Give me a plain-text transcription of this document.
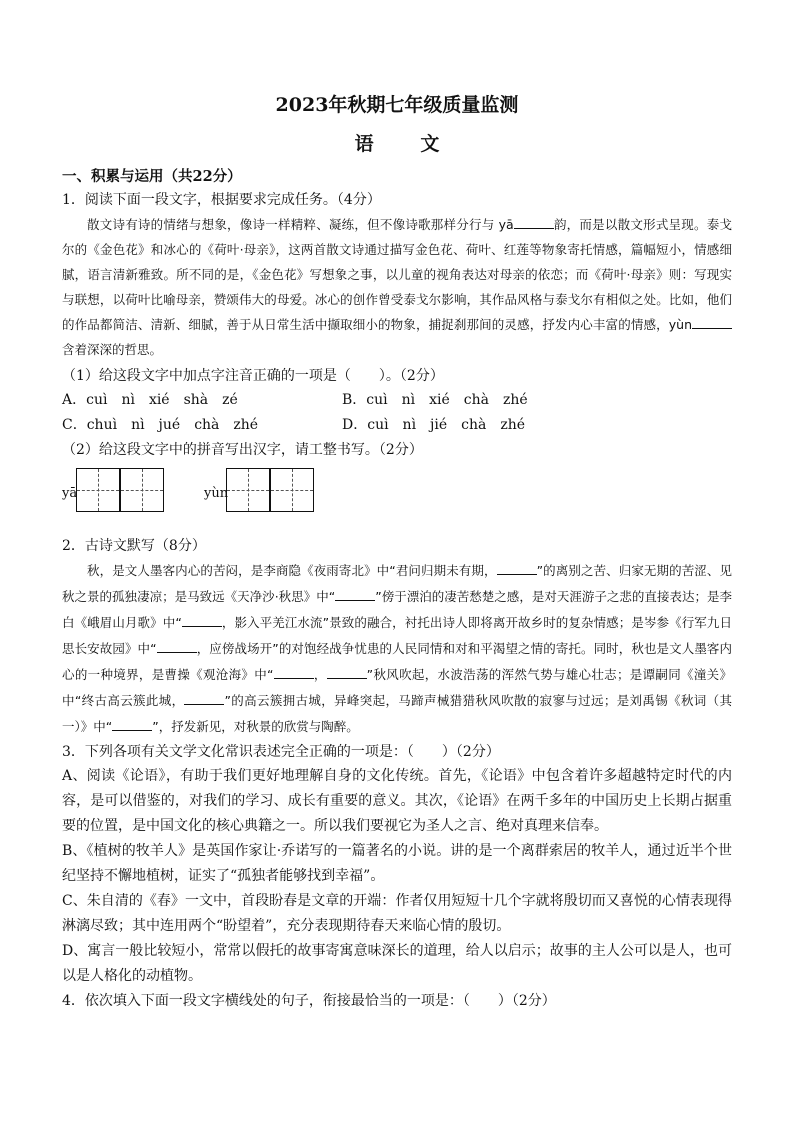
2023年秋期七年级质量监测
语 文
一、积累与运用（共22分）
1．阅读下面一段文字，根据要求完成任务。（4分）

散文诗有诗的情绪与想象，像诗一样精粹、凝练，但不像诗歌那样分行与 yā	韵，而是以散文形式呈现。泰戈尔的《金色花》和冰心的《荷叶·母亲》，这两首散文诗通过描写金色花、荷叶、红莲等物象寄托情感，篇幅短小，情感细腻，语言清新雅致。所不同的是，《金色花》写想象之事，以儿童的视角表达对母亲的依恋；而《荷叶·母亲》则：写现实与联想，以荷叶比喻母亲，赞颂伟大的母爱。冰心的创作曾受泰戈尔影响，其作品风格与泰戈尔有相似之处。比如，他们的作品都简洁、清新、细腻，善于从日常生活中撷取细小的物象，捕捉刹那间的灵感，抒发内心丰富的情感，yùn含着深深的哲思。

（1）给这段文字中加点字注音正确的一项是（　　）。（2分）
A．cuì　nì　xié　shà　zé	B．cuì　nì　xié　chà　zhé
C．chuì　nì　jué　chà　zhé	D．cuì　nì　jié　chà　zhé
（2）给这段文字中的拼音写出汉字，请工整书写。（2分）
yā	yùn
2．古诗文默写（8分）

秋，是文人墨客内心的苦闷，是李商隐《夜雨寄北》中“君问归期未有期，	”的离别之苦、归家无期的苦涩、见秋之景的孤独凄凉；是马致远《天净沙·秋思》中“	”傍于漂泊的凄苦愁楚之感，是对天涯游子之悲的直接表达；是李白《峨眉山月歌》中“	，影入平羌江水流”景致的融合，衬托出诗人即将离开故乡时的复杂情感；是岑参《行军九日思长安故园》中“	，应傍战场开”的对饱经战争忧患的人民同情和对和平渴望之情的寄托。同时，秋也是文人墨客内心的一种境界，是曹操《观沧海》中“	，	”秋风吹起，水波浩荡的浑然气势与雄心壮志；是谭嗣同《潼关》中“终古高云簇此城，	”的高云簇拥古城，异峰突起，马蹄声械猎猎秋风吹散的寂寥与过远；是刘禹锡《秋词（其一）》中“	”，抒发新见，对秋景的欣赏与陶醉。

3．下列各项有关文学文化常识表述完全正确的一项是：（　　）（2分）

A、阅读《论语》，有助于我们更好地理解自身的文化传统。首先，《论语》中包含着许多超越特定时代的内容，是可以借鉴的，对我们的学习、成长有重要的意义。其次，《论语》在两千多年的中国历史上长期占据重要的位置，是中国文化的核心典籍之一。所以我们要视它为圣人之言、绝对真理来信奉。

B、《植树的牧羊人》是英国作家让·乔诺写的一篇著名的小说。讲的是一个离群索居的牧羊人，通过近半个世纪坚持不懈地植树，证实了“孤独者能够找到幸福”。

C、朱自清的《春》一文中，首段盼春是文章的开端：作者仅用短短十几个字就将殷切而又喜悦的心情表现得淋漓尽致；其中连用两个“盼望着”，充分表现期待春天来临心情的殷切。

D、寓言一般比较短小，常常以假托的故事寄寓意味深长的道理，给人以启示；故事的主人公可以是人，也可以是人格化的动植物。

4．依次填入下面一段文字横线处的句子，衔接最恰当的一项是：（　　）（2分）
